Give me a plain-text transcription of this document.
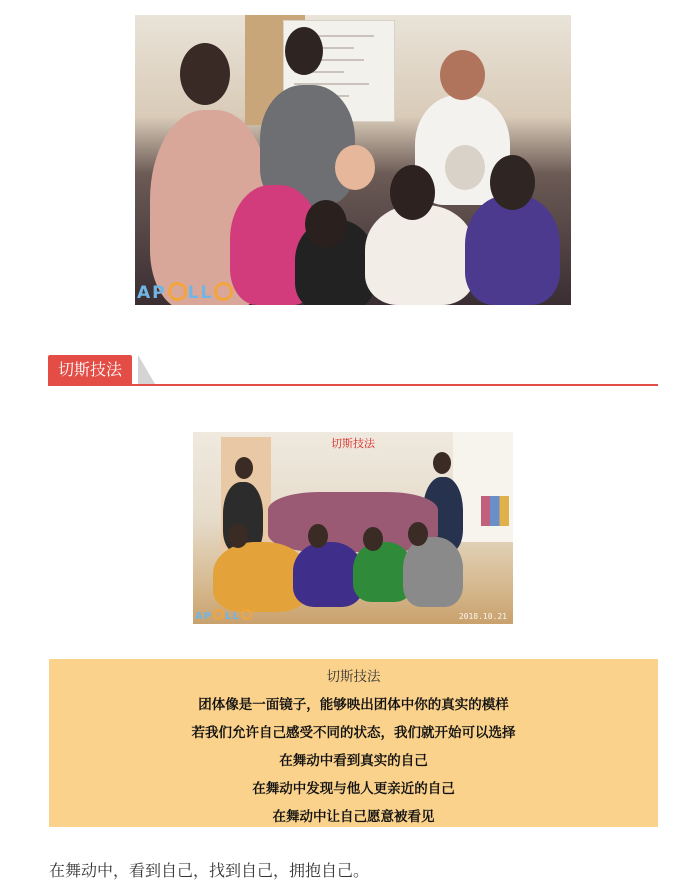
AP LL
切斯技法
切斯技法
AP LL	2018.10.21
切斯技法
团体像是一面镜子，能够映出团体中你的真实的模样
若我们允许自己感受不同的状态，我们就开始可以选择
在舞动中看到真实的自己
在舞动中发现与他人更亲近的自己
在舞动中让自己愿意被看见
在舞动中，看到自己，找到自己，拥抱自己。
